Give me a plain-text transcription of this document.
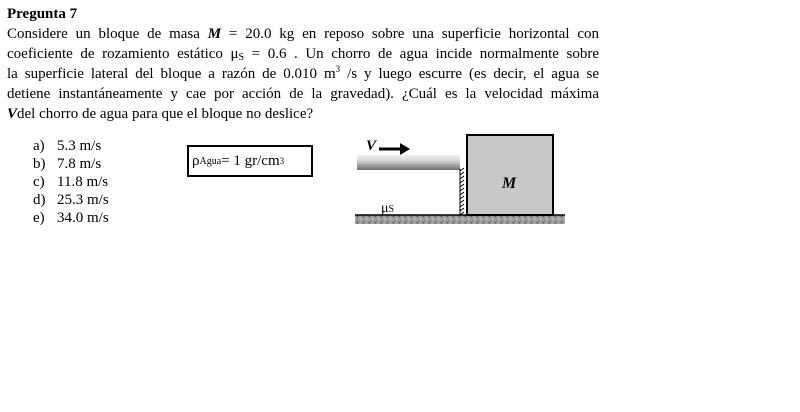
Pregunta 7
Considere un bloque de masa M = 20.0 kg en reposo sobre una superficie horizontal con
coeficiente de rozamiento estático μS = 0.6 . Un chorro de agua incide normalmente sobre
la superficie lateral del bloque a razón de 0.010 $m^3$ /s y luego escurre (es decir, el agua se
detiene instantáneamente y cae por acción de la gravedad). ¿Cuál es la velocidad máxima
Vdel chorro de agua para que el bloque no deslice?
a) 5.3 m/s
b) 7.8 m/s
c) 11.8 m/s
d) 25.3 m/s
e) 34.0 m/s
ρ Agua = 1 gr/cm 3
V
M
μS
